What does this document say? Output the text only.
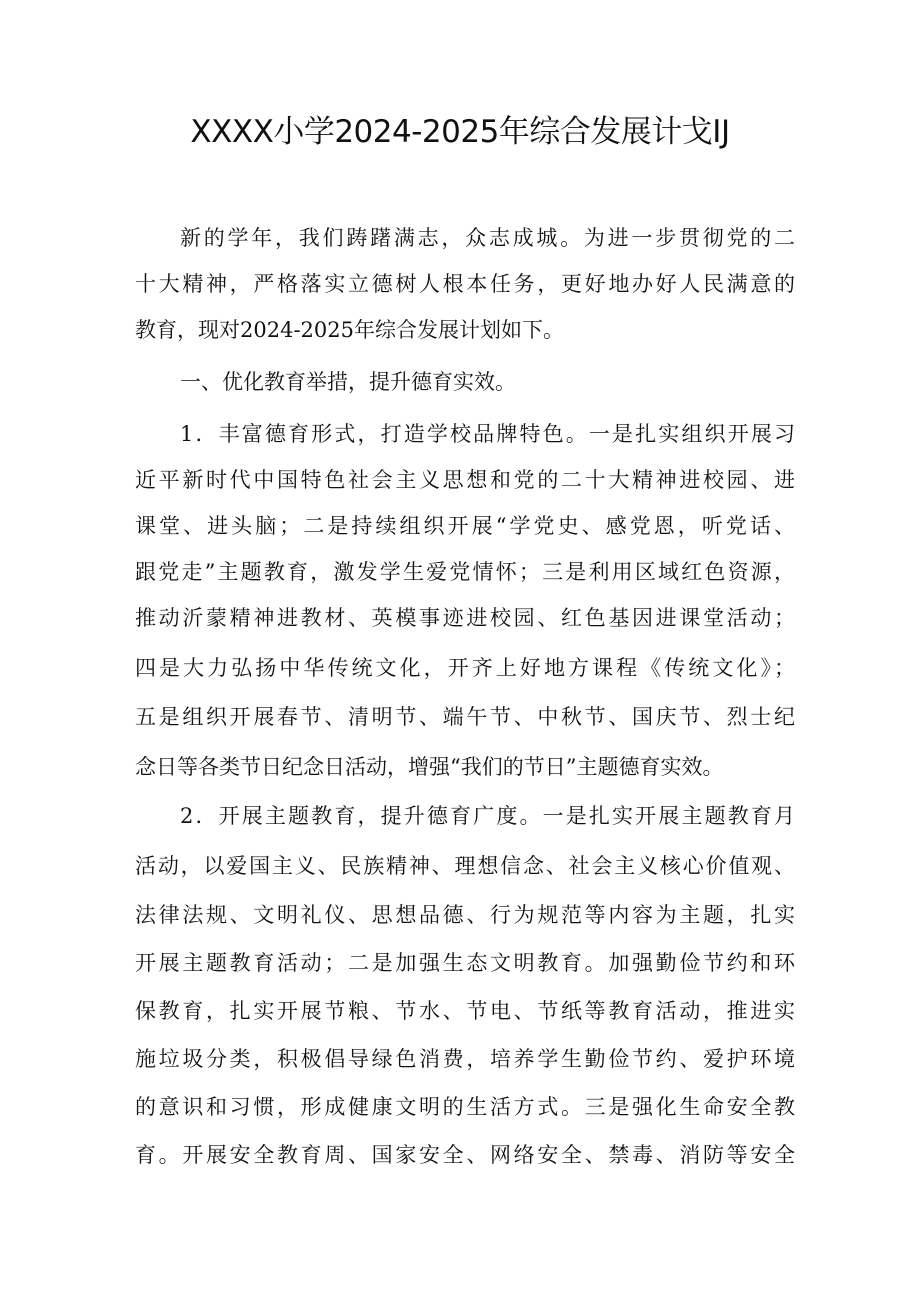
XXXX小学2024-2025年综合发展计戈IJ
新的学年，我们踌躇满志，众志成城。为进一步贯彻党的二
十大精神，严格落实立德树人根本任务，更好地办好人民满意的
教育，现对2024-2025年综合发展计划如下。
一、优化教育举措，提升德育实效。
1．丰富德育形式，打造学校品牌特色。一是扎实组织开展习
近平新时代中国特色社会主义思想和党的二十大精神进校园、进
课堂、进头脑；二是持续组织开展“学党史、感党恩，听党话、
跟党走”主题教育，激发学生爱党情怀；三是利用区域红色资源，
推动沂蒙精神进教材、英模事迹进校园、红色基因进课堂活动；
四是大力弘扬中华传统文化，开齐上好地方课程《传统文化》；
五是组织开展春节、清明节、端午节、中秋节、国庆节、烈士纪
念日等各类节日纪念日活动，增强“我们的节日”主题德育实效。
2．开展主题教育，提升德育广度。一是扎实开展主题教育月
活动，以爱国主义、民族精神、理想信念、社会主义核心价值观、
法律法规、文明礼仪、思想品德、行为规范等内容为主题，扎实
开展主题教育活动；二是加强生态文明教育。加强勤俭节约和环
保教育，扎实开展节粮、节水、节电、节纸等教育活动，推进实
施垃圾分类，积极倡导绿色消费，培养学生勤俭节约、爱护环境
的意识和习惯，形成健康文明的生活方式。三是强化生命安全教
育。开展安全教育周、国家安全、网络安全、禁毒、消防等安全
